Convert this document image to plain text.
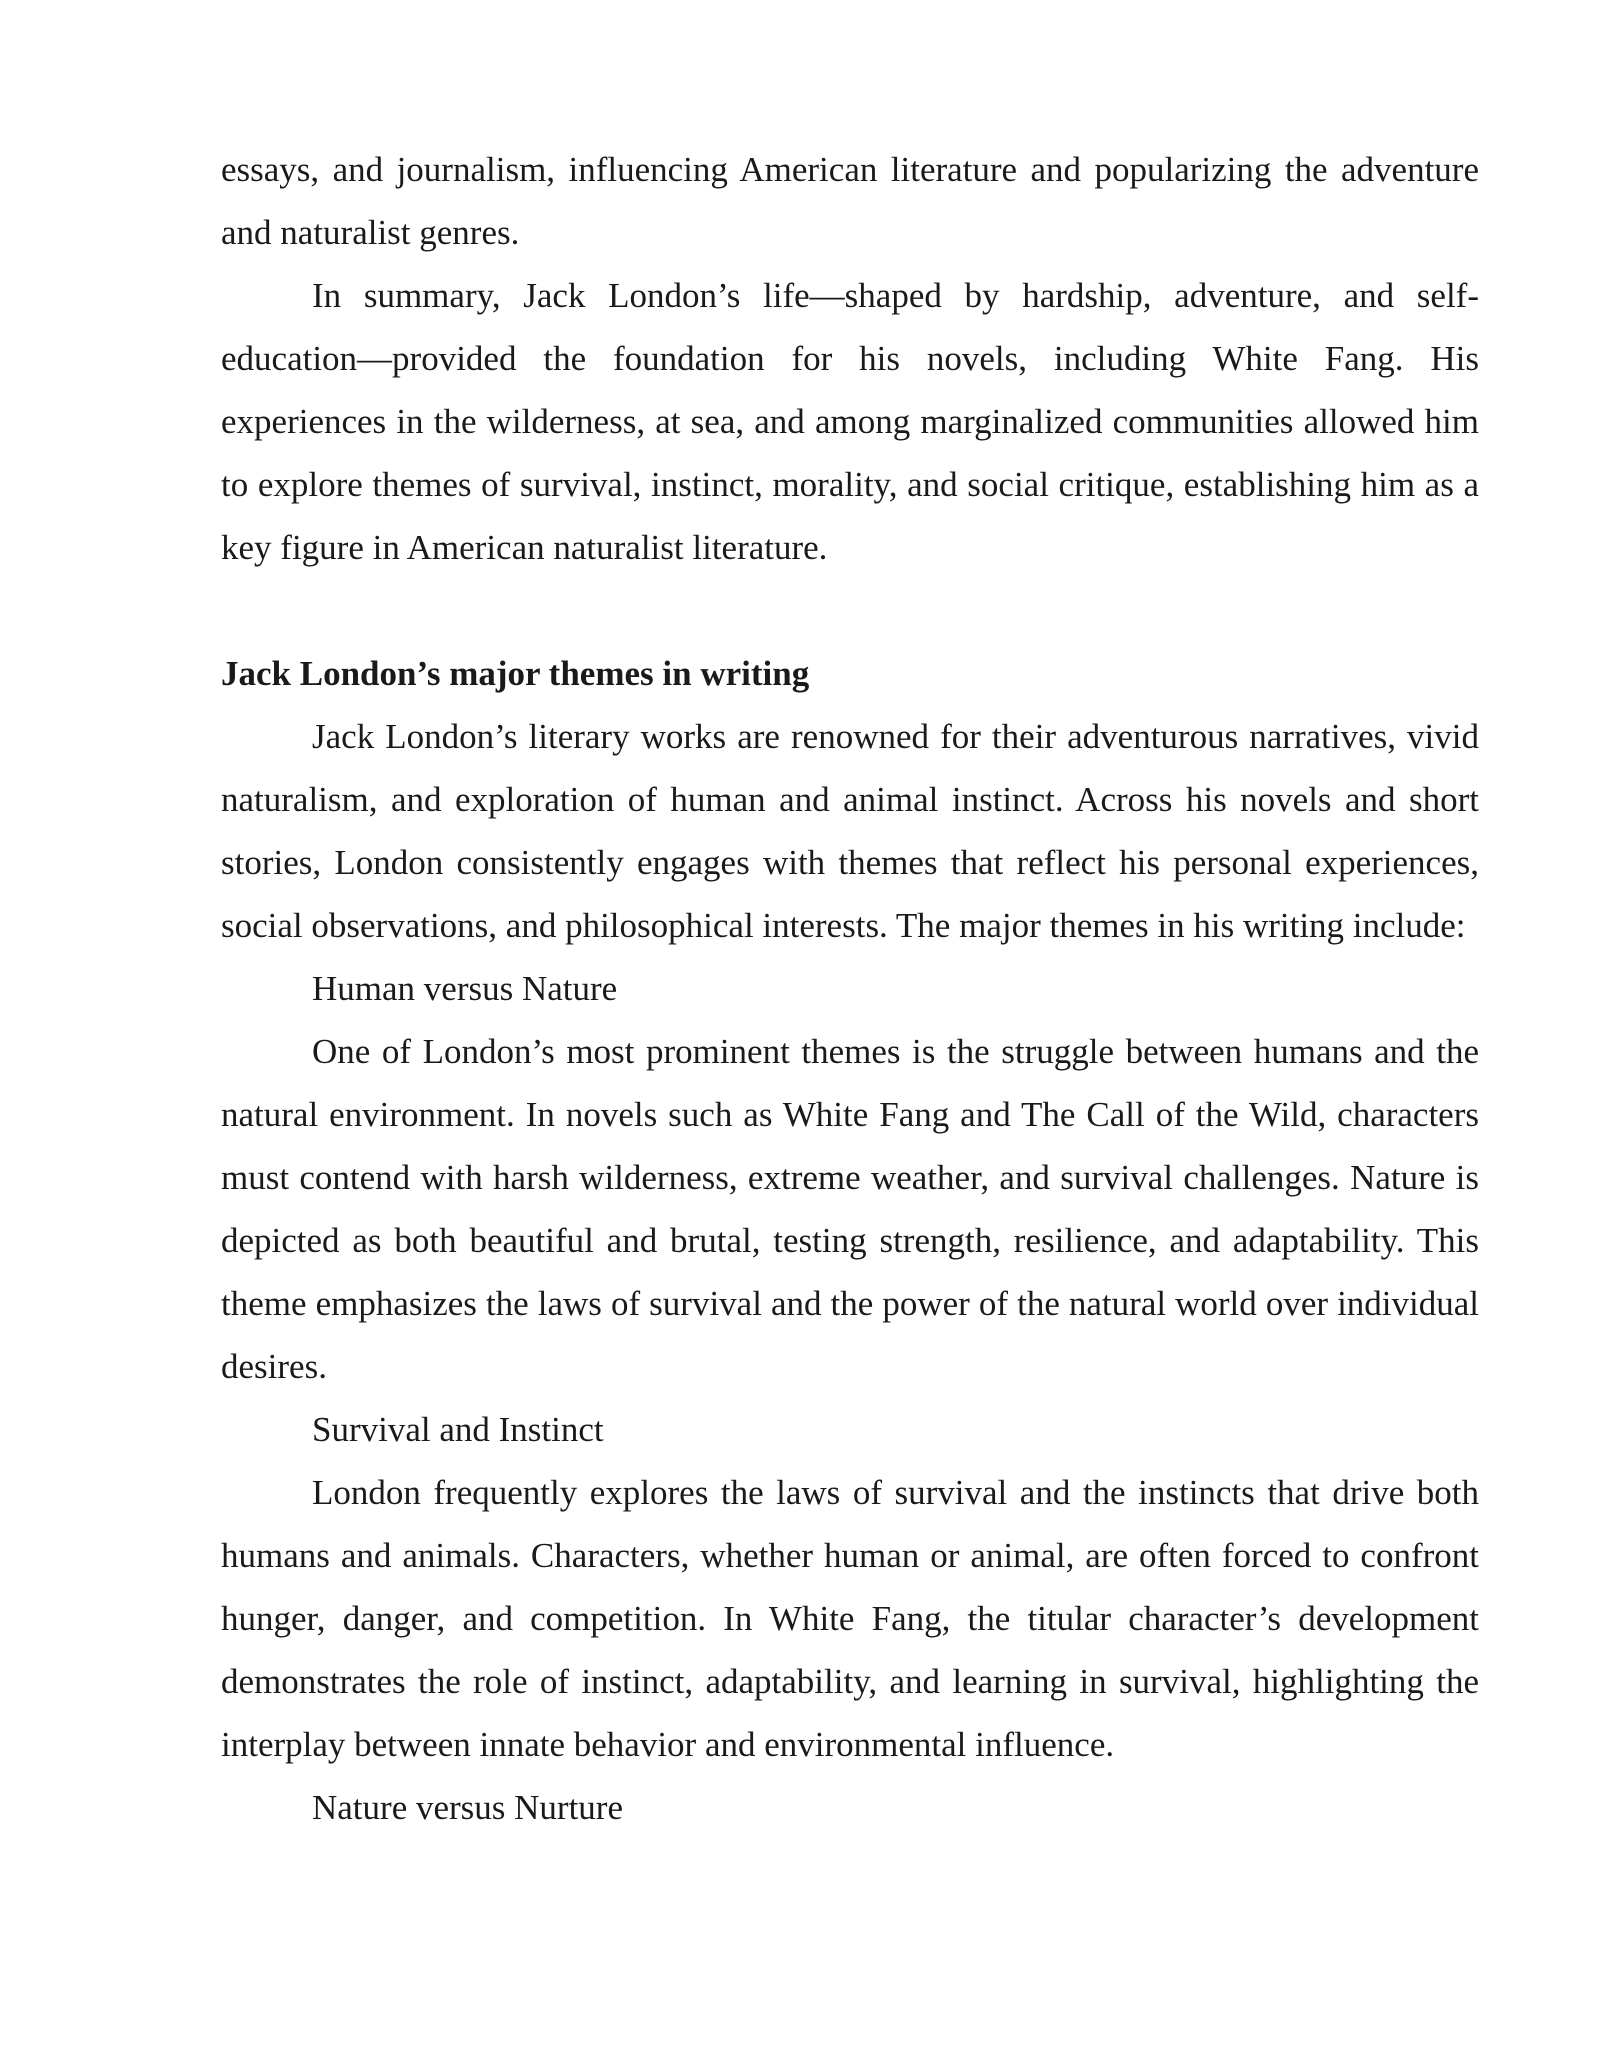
essays, and journalism, influencing American literature and popularizing the adventure and naturalist genres.

In summary, Jack London’s life—shaped by hardship, adventure, and self-education—provided the foundation for his novels, including White Fang. His experiences in the wilderness, at sea, and among marginalized communities allowed him to explore themes of survival, instinct, morality, and social critique, establishing him as a key figure in American naturalist literature.

Jack London’s major themes in writing

Jack London’s literary works are renowned for their adventurous narratives, vivid naturalism, and exploration of human and animal instinct. Across his novels and short stories, London consistently engages with themes that reflect his personal experiences, social observations, and philosophical interests. The major themes in his writing include:

Human versus Nature

One of London’s most prominent themes is the struggle between humans and the natural environment. In novels such as White Fang and The Call of the Wild, characters must contend with harsh wilderness, extreme weather, and survival challenges. Nature is depicted as both beautiful and brutal, testing strength, resilience, and adaptability. This theme emphasizes the laws of survival and the power of the natural world over individual desires.

Survival and Instinct

London frequently explores the laws of survival and the instincts that drive both humans and animals. Characters, whether human or animal, are often forced to confront hunger, danger, and competition. In White Fang, the titular character’s development demonstrates the role of instinct, adaptability, and learning in survival, highlighting the interplay between innate behavior and environmental influence.

Nature versus Nurture
